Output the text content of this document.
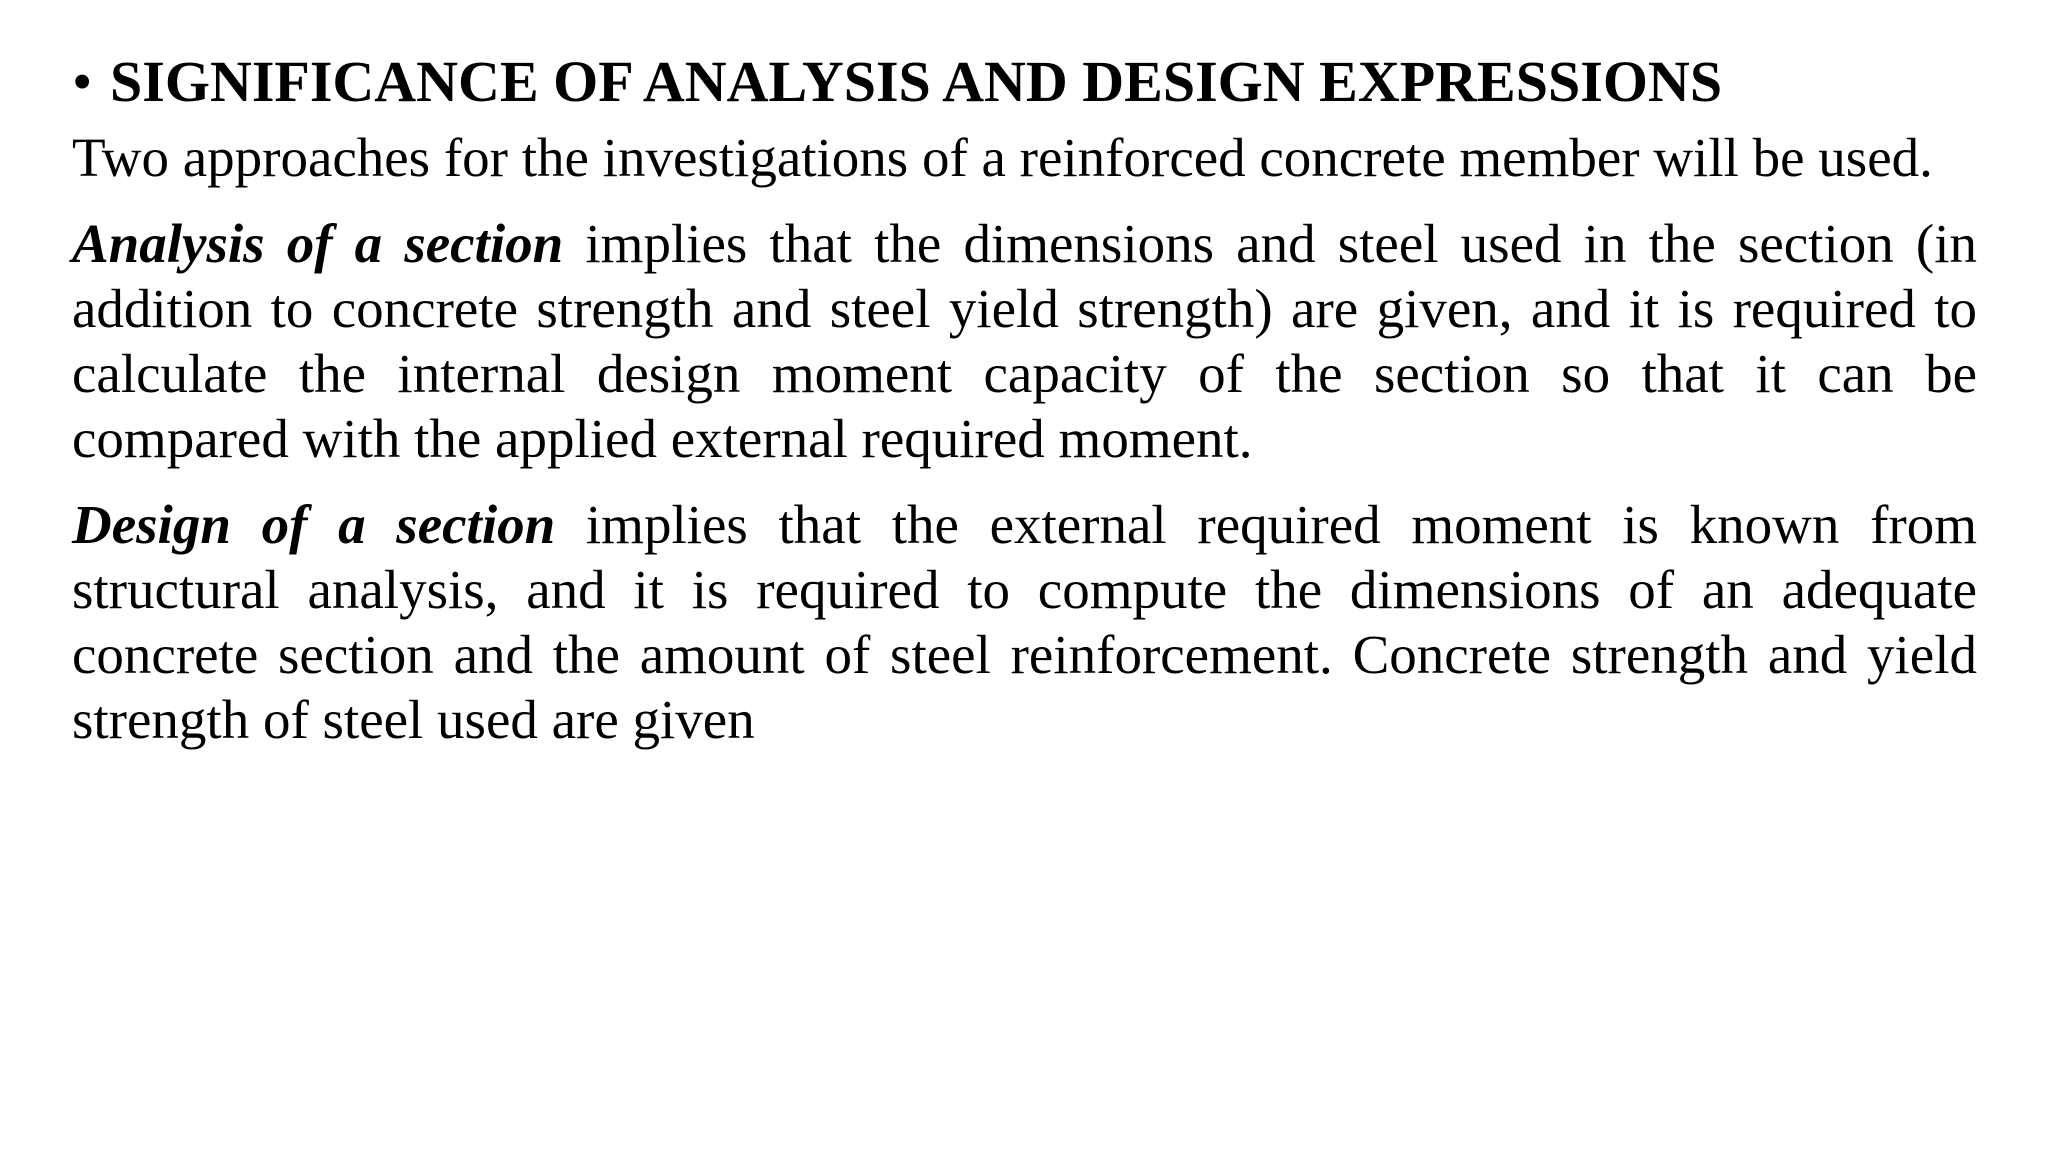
• SIGNIFICANCE OF ANALYSIS AND DESIGN EXPRESSIONS

Two approaches for the investigations of a reinforced concrete member will be used.

Analysis of a section implies that the dimensions and steel used in the section (in addition to concrete strength and steel yield strength) are given, and it is required to calculate the internal design moment capacity of the section so that it can be compared with the applied external required moment.

Design of a section implies that the external required moment is known from structural analysis, and it is required to compute the dimensions of an adequate concrete section and the amount of steel reinforcement. Concrete strength and yield strength of steel used are given
